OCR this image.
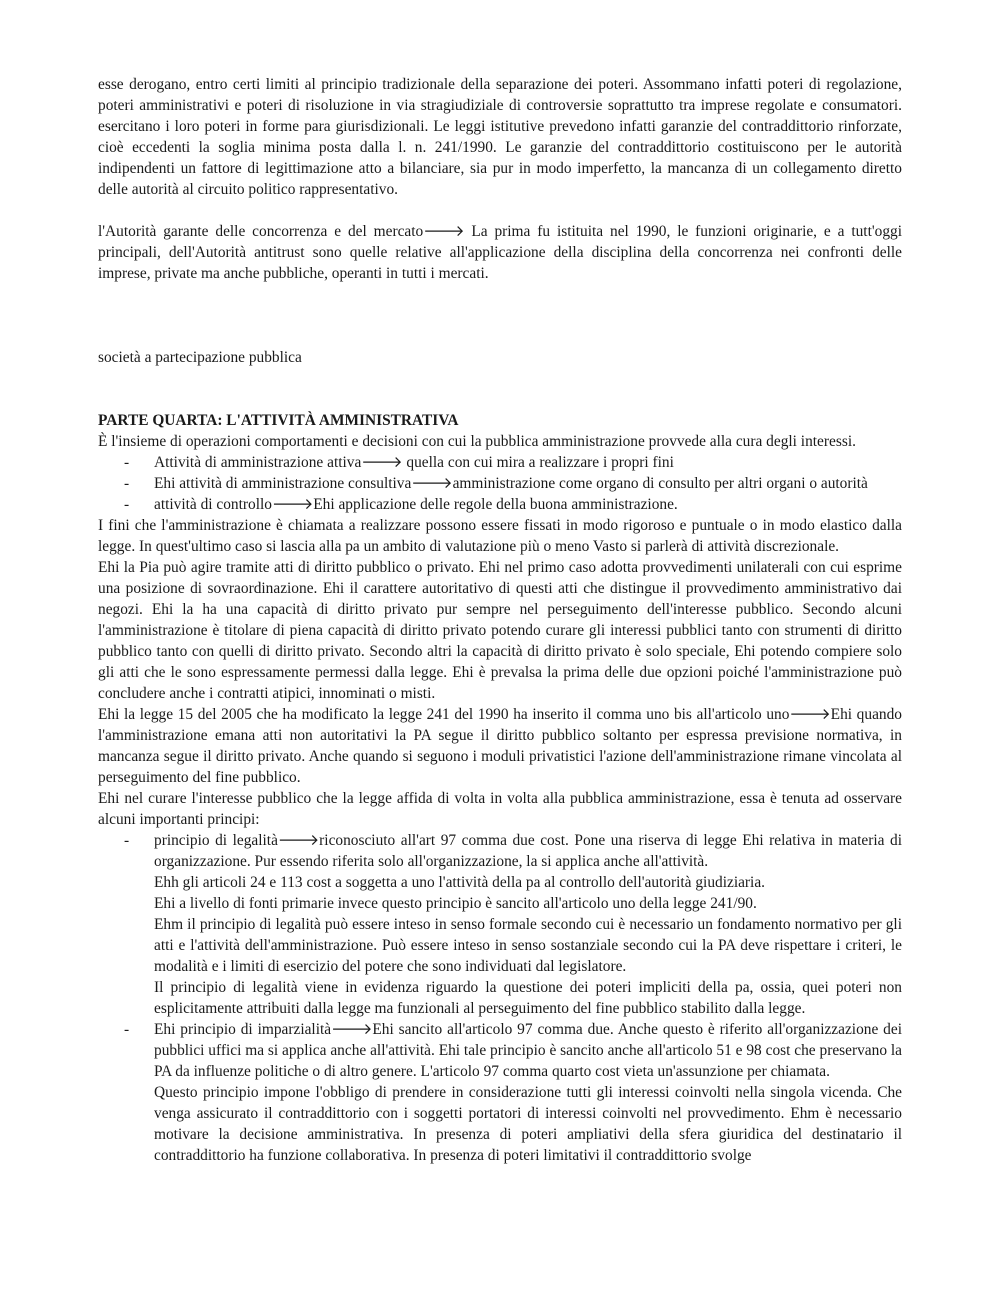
esse derogano, entro certi limiti al principio tradizionale della separazione dei poteri. Assommano infatti poteri di regolazione, poteri amministrativi e poteri di risoluzione in via stragiudiziale di controversie soprattutto tra imprese regolate e consumatori. esercitano i loro poteri in forme para giurisdizionali. Le leggi istitutive prevedono infatti garanzie del contraddittorio rinforzate, cioè eccedenti la soglia minima posta dalla l. n. 241/1990. Le garanzie del contraddittorio costituiscono per le autorità indipendenti un fattore di legittimazione atto a bilanciare, sia pur in modo imperfetto, la mancanza di un collegamento diretto delle autorità al circuito politico rappresentativo.

l'Autorità garante delle concorrenza e del mercato🡒 La prima fu istituita nel 1990, le funzioni originarie, e a tutt'oggi principali, dell'Autorità antitrust sono quelle relative all'applicazione della disciplina della concorrenza nei confronti delle imprese, private ma anche pubbliche, operanti in tutti i mercati.

società a partecipazione pubblica

PARTE QUARTA: L'ATTIVITÀ AMMINISTRATIVA

È l'insieme di operazioni comportamenti e decisioni con cui la pubblica amministrazione provvede alla cura degli interessi.

- Attività di amministrazione attiva🡒 quella con cui mira a realizzare i propri fini

- Ehi attività di amministrazione consultiva🡒amministrazione come organo di consulto per altri organi o autorità

- attività di controllo🡒Ehi applicazione delle regole della buona amministrazione.

I fini che l'amministrazione è chiamata a realizzare possono essere fissati in modo rigoroso e puntuale o in modo elastico dalla legge. In quest'ultimo caso si lascia alla pa un ambito di valutazione più o meno Vasto si parlerà di attività discrezionale.

Ehi la Pia può agire tramite atti di diritto pubblico o privato. Ehi nel primo caso adotta provvedimenti unilaterali con cui esprime una posizione di sovraordinazione. Ehi il carattere autoritativo di questi atti che distingue il provvedimento amministrativo dai negozi. Ehi la ha una capacità di diritto privato pur sempre nel perseguimento dell'interesse pubblico. Secondo alcuni l'amministrazione è titolare di piena capacità di diritto privato potendo curare gli interessi pubblici tanto con strumenti di diritto pubblico tanto con quelli di diritto privato. Secondo altri la capacità di diritto privato è solo speciale, Ehi potendo compiere solo gli atti che le sono espressamente permessi dalla legge. Ehi è prevalsa la prima delle due opzioni poiché l'amministrazione può concludere anche i contratti atipici, innominati o misti.

Ehi la legge 15 del 2005 che ha modificato la legge 241 del 1990 ha inserito il comma uno bis all'articolo uno🡒Ehi quando l'amministrazione emana atti non autoritativi la PA segue il diritto pubblico soltanto per espressa previsione normativa, in mancanza segue il diritto privato. Anche quando si seguono i moduli privatistici l'azione dell'amministrazione rimane vincolata al perseguimento del fine pubblico.

Ehi nel curare l'interesse pubblico che la legge affida di volta in volta alla pubblica amministrazione, essa è tenuta ad osservare alcuni importanti principi:

- principio di legalità🡒riconosciuto all'art 97 comma due cost. Pone una riserva di legge Ehi relativa in materia di organizzazione. Pur essendo riferita solo all'organizzazione, la si applica anche all'attività.

Ehh gli articoli 24 e 113 cost a soggetta a uno l'attività della pa al controllo dell'autorità giudiziaria.

Ehi a livello di fonti primarie invece questo principio è sancito all'articolo uno della legge 241/90.

Ehm il principio di legalità può essere inteso in senso formale secondo cui è necessario un fondamento normativo per gli atti e l'attività dell'amministrazione. Può essere inteso in senso sostanziale secondo cui la PA deve rispettare i criteri, le modalità e i limiti di esercizio del potere che sono individuati dal legislatore.

Il principio di legalità viene in evidenza riguardo la questione dei poteri impliciti della pa, ossia, quei poteri non esplicitamente attribuiti dalla legge ma funzionali al perseguimento del fine pubblico stabilito dalla legge.

- Ehi principio di imparzialità🡒Ehi sancito all'articolo 97 comma due. Anche questo è riferito all'organizzazione dei pubblici uffici ma si applica anche all'attività. Ehi tale principio è sancito anche all'articolo 51 e 98 cost che preservano la PA da influenze politiche o di altro genere. L'articolo 97 comma quarto cost vieta un'assunzione per chiamata.

Questo principio impone l'obbligo di prendere in considerazione tutti gli interessi coinvolti nella singola vicenda. Che venga assicurato il contraddittorio con i soggetti portatori di interessi coinvolti nel provvedimento. Ehm è necessario motivare la decisione amministrativa. In presenza di poteri ampliativi della sfera giuridica del destinatario il contraddittorio ha funzione collaborativa. In presenza di poteri limitativi il contraddittorio svolge
